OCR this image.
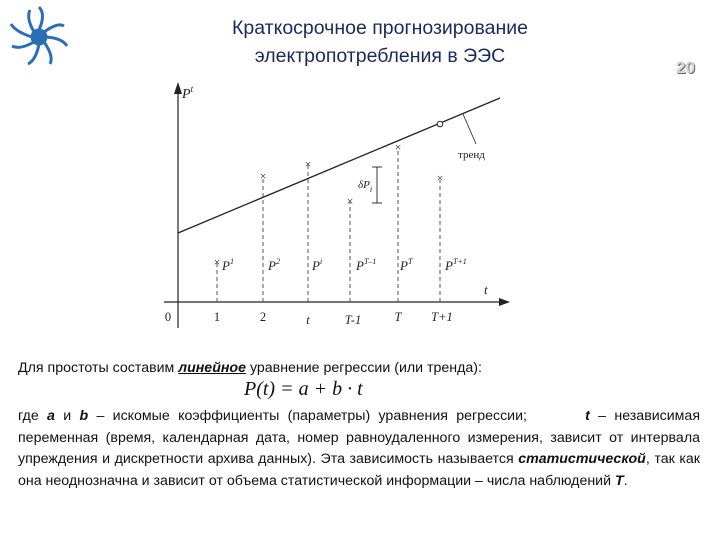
Краткосрочное прогнозирование
электропотребления в ЭЭС
20
$P^t$
t
тренд
×
×
×
×
×
×
$\delta P_i$
$P^1$	$P^2$ $P^i$	$P^{T-1}$ $P^T$	$P^{T+1}$
0	1	2	t	T-1	T T+1
Для простоты составим линейное уравнение регрессии (или тренда):
P(t) = a + b · t
где a и b – искомые коэффициенты (параметры) уравнения регрессии;	t – независимая переменная (время, календарная дата, номер равноудаленного измерения, зависит от интервала упреждения и дискретности архива данных). Эта зависимость называется статистической, так как она неоднозначна и зависит от объема статистической информации – числа наблюдений T.
